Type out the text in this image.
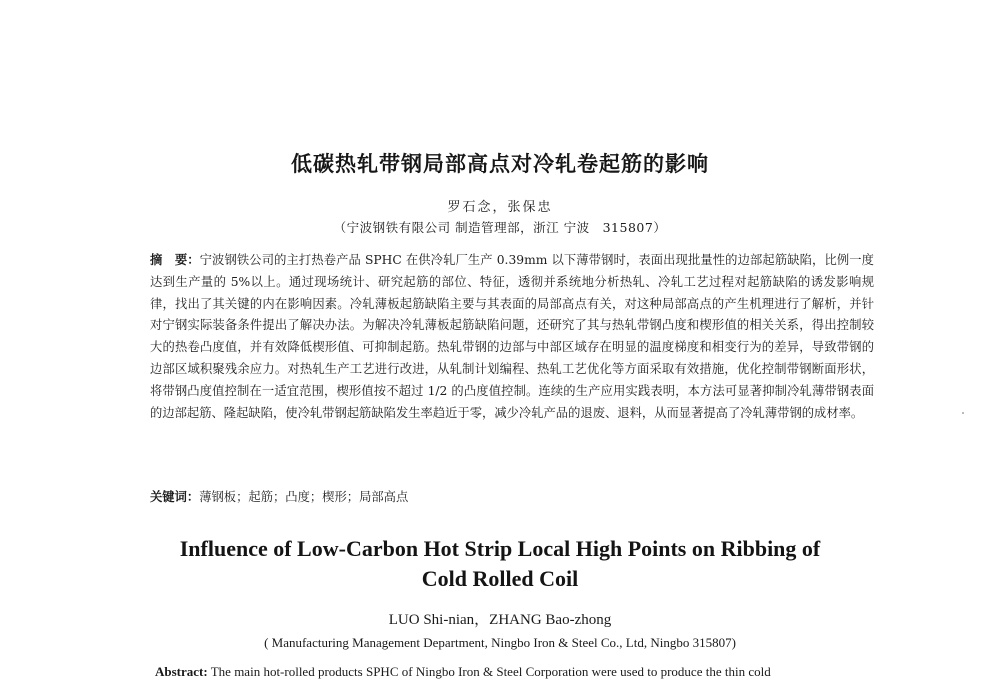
低碳热轧带钢局部高点对冷轧卷起筋的影响
罗石念，张保忠
（宁波钢铁有限公司 制造管理部，浙江 宁波　315807）
摘　要：宁波钢铁公司的主打热卷产品 SPHC 在供冷轧厂生产 0.39mm 以下薄带钢时，表面出现批量性的边部起筋缺陷，比例一度达到生产量的 5%以上。通过现场统计、研究起筋的部位、特征，透彻并系统地分析热轧、冷轧工艺过程对起筋缺陷的诱发影响规律，找出了其关键的内在影响因素。冷轧薄板起筋缺陷主要与其表面的局部高点有关，对这种局部高点的产生机理进行了解析，并针对宁钢实际装备条件提出了解决办法。为解决冷轧薄板起筋缺陷问题，还研究了其与热轧带钢凸度和楔形值的相关关系，得出控制较大的热卷凸度值，并有效降低楔形值、可抑制起筋。热轧带钢的边部与中部区域存在明显的温度梯度和相变行为的差异，导致带钢的边部区域积聚残余应力。对热轧生产工艺进行改进，从轧制计划编程、热轧工艺优化等方面采取有效措施，优化控制带钢断面形状，将带钢凸度值控制在一适宜范围，楔形值按不超过 1/2 的凸度值控制。连续的生产应用实践表明，本方法可显著抑制冷轧薄带钢表面的边部起筋、隆起缺陷，使冷轧带钢起筋缺陷发生率趋近于零，减少冷轧产品的退废、退料，从而显著提高了冷轧薄带钢的成材率。
关键词：薄钢板；起筋；凸度；楔形；局部高点
Influence of Low-Carbon Hot Strip Local High Points on Ribbing of
Cold Rolled Coil
LUO Shi-nian，ZHANG Bao-zhong
( Manufacturing Management Department, Ningbo Iron & Steel Co., Ltd, Ningbo 315807)
Abstract: The main hot-rolled products SPHC of Ningbo Iron & Steel Corporation were used to produce the thin cold
